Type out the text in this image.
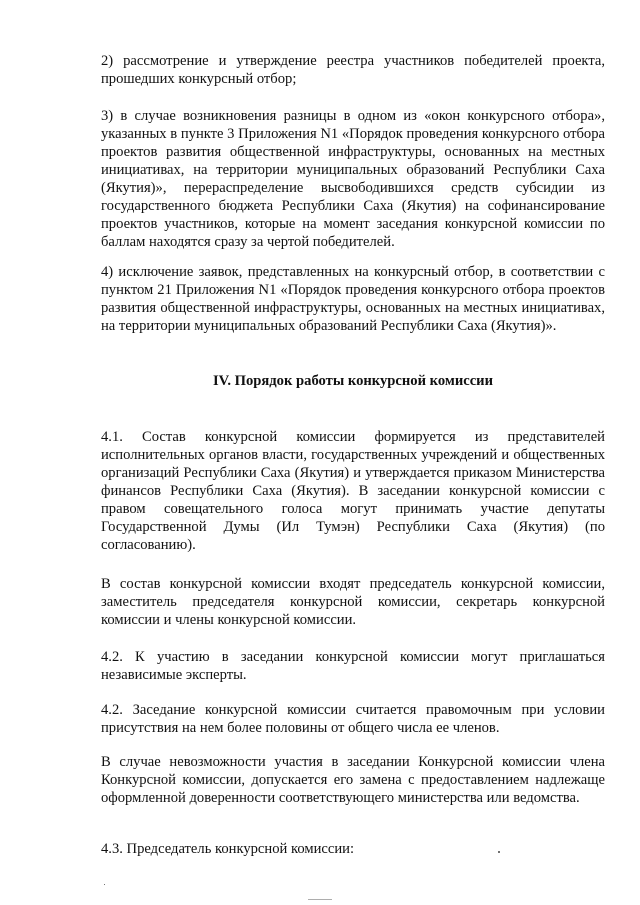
2) рассмотрение и утверждение реестра участников победителей проекта, прошедших конкурсный отбор;

3) в случае возникновения разницы в одном из «окон конкурсного отбора», указанных в пункте 3 Приложения N1 «Порядок проведения конкурсного отбора проектов развития общественной инфраструктуры, основанных на местных инициативах, на территории муниципальных образований Республики Саха (Якутия)», перераспределение высвободившихся средств субсидии из государственного бюджета Республики Саха (Якутия) на софинансирование проектов участников, которые на момент заседания конкурсной комиссии по баллам находятся сразу за чертой победителей.

4) исключение заявок, представленных на конкурсный отбор, в соответствии с пунктом 21 Приложения N1 «Порядок проведения конкурсного отбора проектов развития общественной инфраструктуры, основанных на местных инициативах, на территории муниципальных образований Республики Саха (Якутия)».

IV. Порядок работы конкурсной комиссии

4.1. Состав конкурсной комиссии формируется из представителей исполнительных органов власти, государственных учреждений и общественных организаций Республики Саха (Якутия) и утверждается приказом Министерства финансов Республики Саха (Якутия). В заседании конкурсной комиссии с правом совещательного голоса могут принимать участие депутаты Государственной Думы (Ил Тумэн) Республики Саха (Якутия) (по согласованию).

В состав конкурсной комиссии входят председатель конкурсной комиссии, заместитель председателя конкурсной комиссии, секретарь конкурсной комиссии и члены конкурсной комиссии.

4.2. К участию в заседании конкурсной комиссии могут приглашаться независимые эксперты.

4.2. Заседание конкурсной комиссии считается правомочным при условии присутствия на нем более половины от общего числа ее членов.

В случае невозможности участия в заседании Конкурсной комиссии члена Конкурсной комиссии, допускается его замена с предоставлением надлежаще оформленной доверенности соответствующего министерства или ведомства.

4.3. Председатель конкурсной комиссии:
